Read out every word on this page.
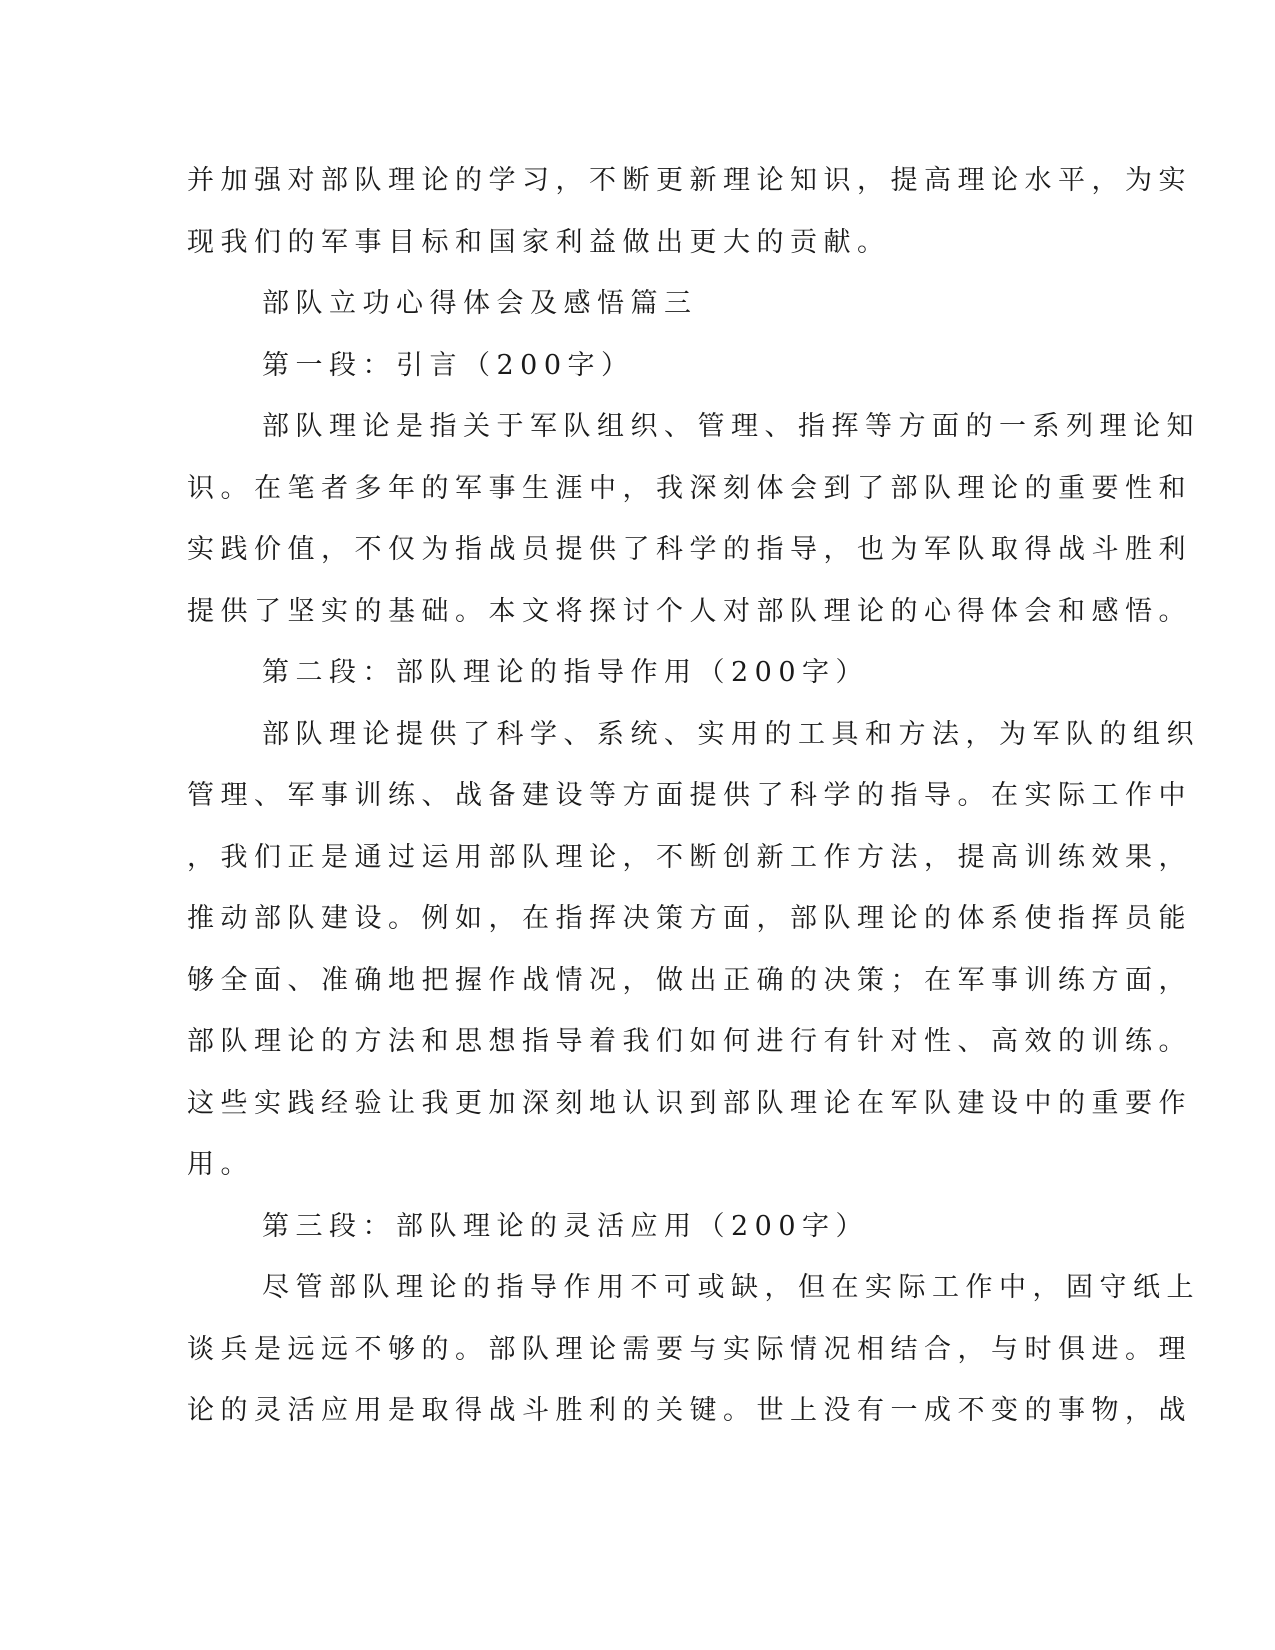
并加强对部队理论的学习，不断更新理论知识，提高理论水平，为实
现我们的军事目标和国家利益做出更大的贡献。

部队立功心得体会及感悟篇三

第一段：引言（200字）

部队理论是指关于军队组织、管理、指挥等方面的一系列理论知
识。在笔者多年的军事生涯中，我深刻体会到了部队理论的重要性和
实践价值，不仅为指战员提供了科学的指导，也为军队取得战斗胜利
提供了坚实的基础。本文将探讨个人对部队理论的心得体会和感悟。

第二段：部队理论的指导作用（200字）

部队理论提供了科学、系统、实用的工具和方法，为军队的组织
管理、军事训练、战备建设等方面提供了科学的指导。在实际工作中
，我们正是通过运用部队理论，不断创新工作方法，提高训练效果，
推动部队建设。例如，在指挥决策方面，部队理论的体系使指挥员能
够全面、准确地把握作战情况，做出正确的决策；在军事训练方面，
部队理论的方法和思想指导着我们如何进行有针对性、高效的训练。
这些实践经验让我更加深刻地认识到部队理论在军队建设中的重要作
用。

第三段：部队理论的灵活应用（200字）

尽管部队理论的指导作用不可或缺，但在实际工作中，固守纸上
谈兵是远远不够的。部队理论需要与实际情况相结合，与时俱进。理
论的灵活应用是取得战斗胜利的关键。世上没有一成不变的事物，战
